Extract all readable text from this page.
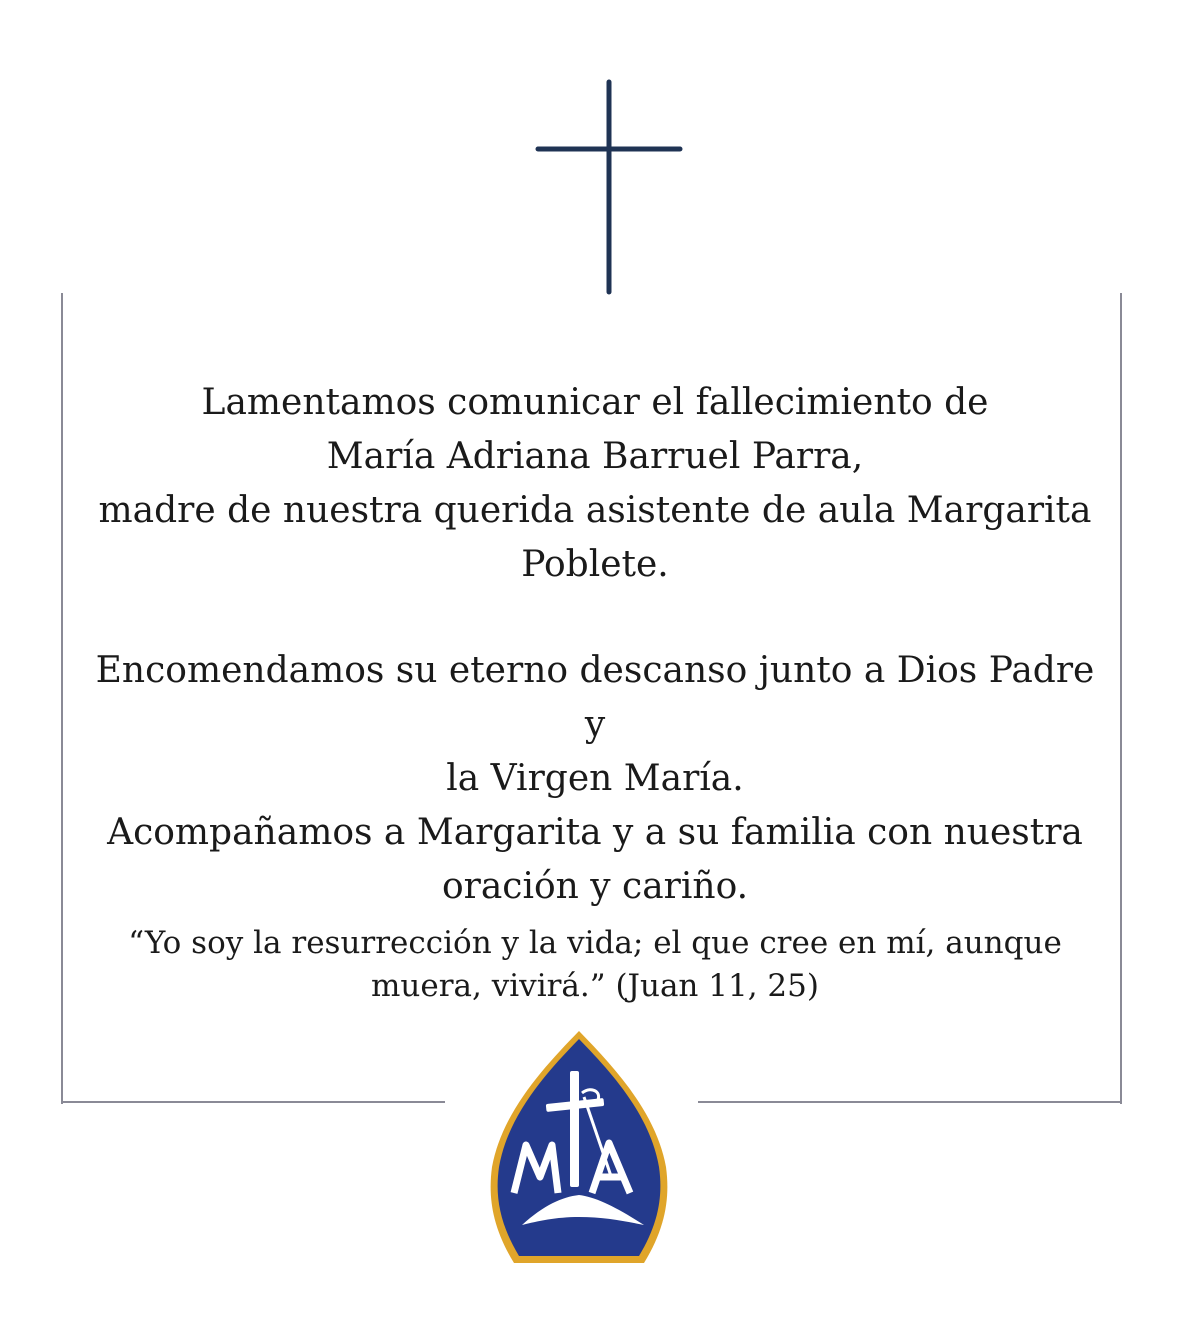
Lamentamos comunicar el fallecimiento de
María Adriana Barruel Parra,
madre de nuestra querida asistente de aula Margarita
Poblete.
Encomendamos su eterno descanso junto a Dios Padre y
la Virgen María.
Acompañamos a Margarita y a su familia con nuestra
oración y cariño.
“Yo soy la resurrección y la vida; el que cree en mí, aunque
muera, vivirá.” (Juan 11, 25)
